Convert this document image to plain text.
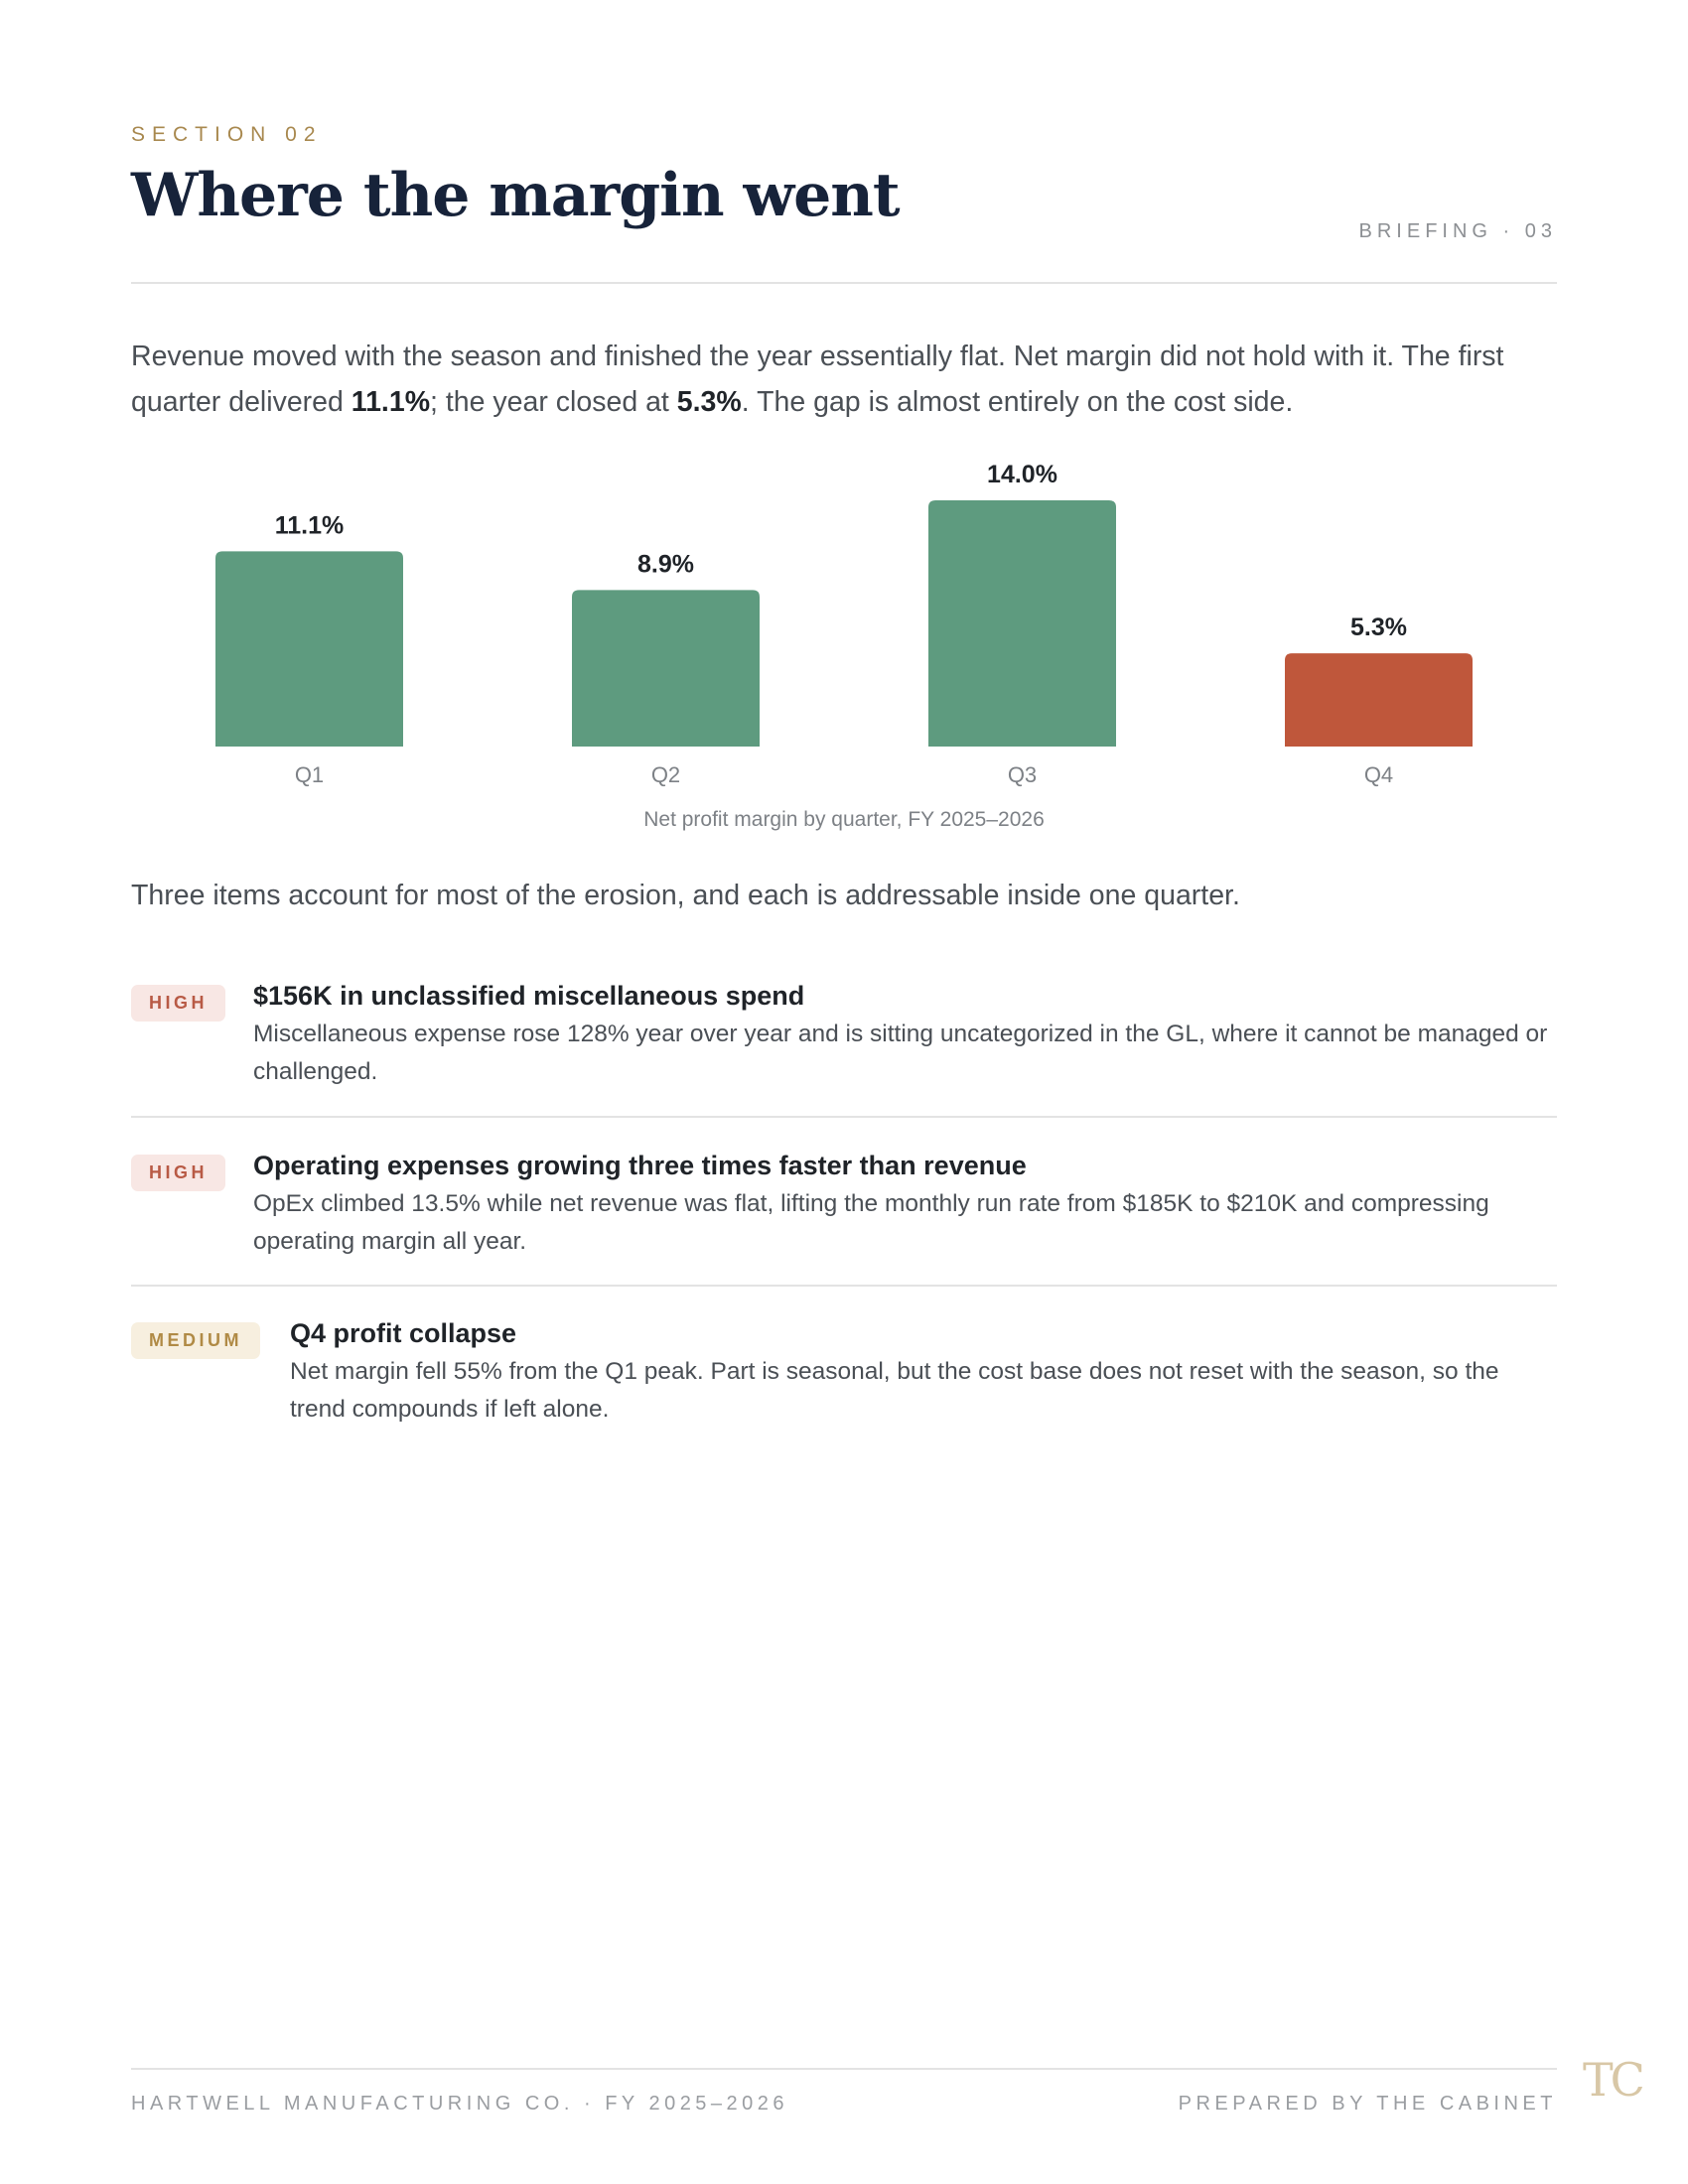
SECTION 02
Where the margin went
BRIEFING · 03

Revenue moved with the season and finished the year essentially flat. Net margin did not hold with it. The first quarter delivered 11.1%; the year closed at 5.3%. The gap is almost entirely on the cost side.

11.1%
Q1
8.9%
Q2
14.0%
Q3
5.3%
Q4
Net profit margin by quarter, FY 2025–2026

Three items account for most of the erosion, and each is addressable inside one quarter.

HIGH	$156K in unclassified miscellaneous spend
Miscellaneous expense rose 128% year over year and is sitting uncategorized in the GL, where it cannot be managed or challenged.
HIGH	Operating expenses growing three times faster than revenue
OpEx climbed 13.5% while net revenue was flat, lifting the monthly run rate from $185K to $210K and compressing operating margin all year.
MEDIUM	Q4 profit collapse
Net margin fell 55% from the Q1 peak. Part is seasonal, but the cost base does not reset with the season, so the trend compounds if left alone.
HARTWELL MANUFACTURING CO. · FY 2025–2026	PREPARED BY THE CABINET TC
